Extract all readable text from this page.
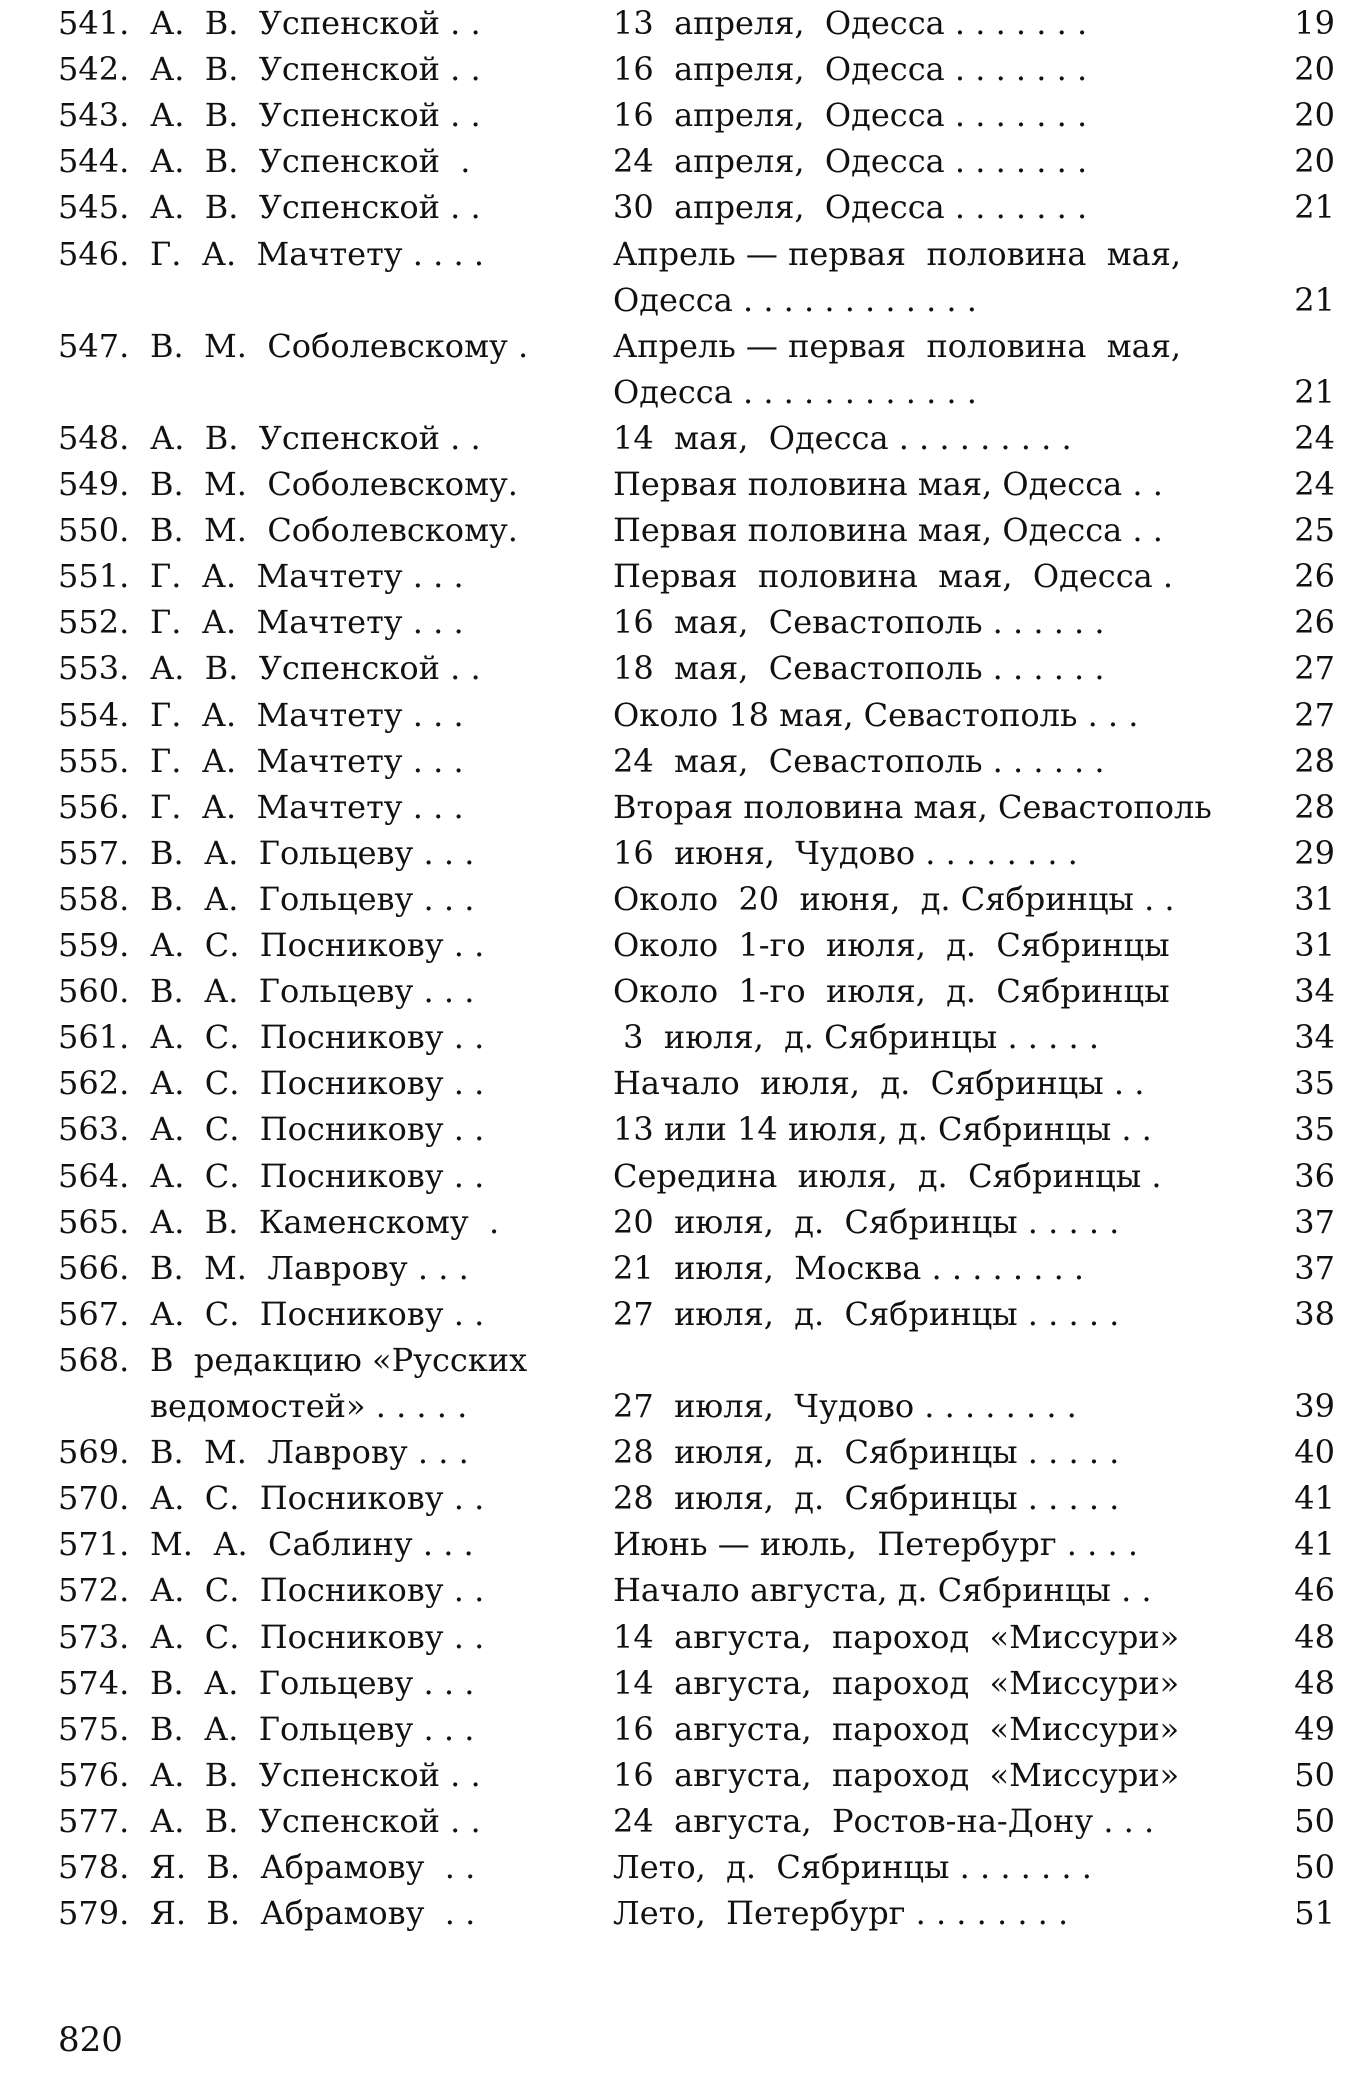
541. А.  В.  Успенской . .	13  апреля,  Одесса . . . . . . .	19
542. А.  В.  Успенской . .	16  апреля,  Одесса . . . . . . .	20
543. А.  В.  Успенской . .	16  апреля,  Одесса . . . . . . .	20
544. А.  В.  Успенской  .	24  апреля,  Одесса . . . . . . .	20
545. А.  В.  Успенской . .	30  апреля,  Одесса . . . . . . .	21
546. Г.  А.  Мачтету . . . .	Апрель — первая  половина  мая,
Одесса . . . . . . . . . . . .	21
547. В.  М.  Соболевскому .	Апрель — первая  половина  мая,
Одесса . . . . . . . . . . . .	21
548. А.  В.  Успенской . .	14  мая,  Одесса . . . . . . . . .	24
549. В.  М.  Соболевскому.	Первая половина мая, Одесса . .	24
550. В.  М.  Соболевскому.	Первая половина мая, Одесса . .	25
551. Г.  А.  Мачтету . . .	Первая  половина  мая,  Одесса .	26
552. Г.  А.  Мачтету . . .	16  мая,  Севастополь . . . . . .	26
553. А.  В.  Успенской . .	18  мая,  Севастополь . . . . . .	27
554. Г.  А.  Мачтету . . .	Около 18 мая, Севастополь . . .	27
555. Г.  А.  Мачтету . . .	24  мая,  Севастополь . . . . . .	28
556. Г.  А.  Мачтету . . .	Вторая половина мая, Севастополь	28
557. В.  А.  Гольцеву . . .	16  июня,  Чудово . . . . . . . .	29
558. В.  А.  Гольцеву . . .	Около  20  июня,  д. Сябринцы . .	31
559. А.  С.  Посникову . .	Около  1-го  июля,  д.  Сябринцы	31
560. В.  А.  Гольцеву . . .	Около  1-го  июля,  д.  Сябринцы	34
561. А.  С.  Посникову . .	3  июля,  д. Сябринцы . . . . .	34
562. А.  С.  Посникову . .	Начало  июля,  д.  Сябринцы . .	35
563. А.  С.  Посникову . .	13 или 14 июля, д. Сябринцы . .	35
564. А.  С.  Посникову . .	Середина  июля,  д.  Сябринцы .	36
565. А.  В.  Каменскому  .	20  июля,  д.  Сябринцы . . . . .	37
566. В.  М.  Лаврову . . .	21  июля,  Москва . . . . . . . .	37
567. А.  С.  Посникову . .	27  июля,  д.  Сябринцы . . . . .	38
568. В  редакцию «Русских
ведомостей» . . . . .	27  июля,  Чудово . . . . . . . .	39
569. В.  М.  Лаврову . . .	28  июля,  д.  Сябринцы . . . . .	40
570. А.  С.  Посникову . .	28  июля,  д.  Сябринцы . . . . .	41
571. М.  А.  Саблину . . .	Июнь — июль,  Петербург . . . .	41
572. А.  С.  Посникову . .	Начало августа, д. Сябринцы . .	46
573. А.  С.  Посникову . .	14  августа,  пароход  «Миссури»	48
574. В.  А.  Гольцеву . . .	14  августа,  пароход  «Миссури»	48
575. В.  А.  Гольцеву . . .	16  августа,  пароход  «Миссури»	49
576. А.  В.  Успенской . .	16  августа,  пароход  «Миссури»	50
577. А.  В.  Успенской . .	24  августа,  Ростов-на-Дону . . .	50
578. Я.  В.  Абрамову  . .	Лето,  д.  Сябринцы . . . . . . .	50
579. Я.  В.  Абрамову  . .	Лето,  Петербург . . . . . . . .	51
820
